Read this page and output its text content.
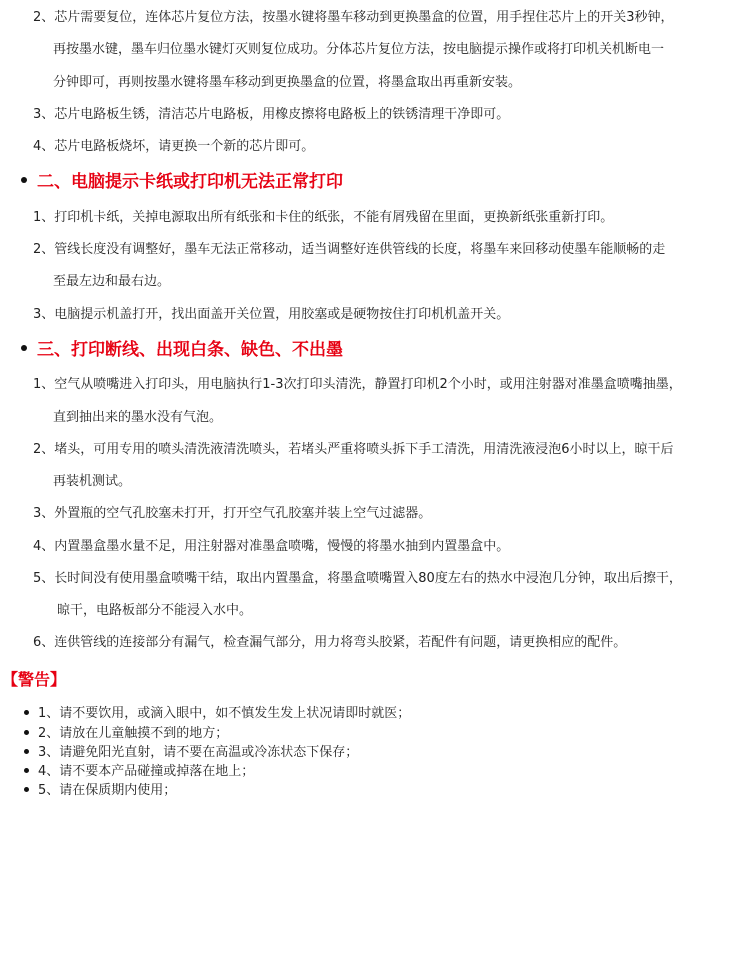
2、芯片需要复位，连体芯片复位方法，按墨水键将墨车移动到更换墨盒的位置，用手捏住芯片上的开关3秒钟，
再按墨水键，墨车归位墨水键灯灭则复位成功。分体芯片复位方法，按电脑提示操作或将打印机关机断电一
分钟即可，再则按墨水键将墨车移动到更换墨盒的位置，将墨盒取出再重新安装。
3、芯片电路板生锈，清洁芯片电路板，用橡皮擦将电路板上的铁锈清理干净即可。
4、芯片电路板烧坏，请更换一个新的芯片即可。
二、电脑提示卡纸或打印机无法正常打印
1、打印机卡纸，关掉电源取出所有纸张和卡住的纸张，不能有屑残留在里面，更换新纸张重新打印。
2、管线长度没有调整好，墨车无法正常移动，适当调整好连供管线的长度，将墨车来回移动使墨车能顺畅的走
至最左边和最右边。
3、电脑提示机盖打开，找出面盖开关位置，用胶塞或是硬物按住打印机机盖开关。
三、打印断线、出现白条、缺色、不出墨
1、空气从喷嘴进入打印头，用电脑执行1-3次打印头清洗，静置打印机2个小时，或用注射器对准墨盒喷嘴抽墨，
直到抽出来的墨水没有气泡。
2、堵头，可用专用的喷头清洗液清洗喷头，若堵头严重将喷头拆下手工清洗，用清洗液浸泡6小时以上，晾干后
再装机测试。
3、外置瓶的空气孔胶塞未打开，打开空气孔胶塞并装上空气过滤器。
4、内置墨盒墨水量不足，用注射器对准墨盒喷嘴，慢慢的将墨水抽到内置墨盒中。
5、长时间没有使用墨盒喷嘴干结，取出内置墨盒，将墨盒喷嘴置入80度左右的热水中浸泡几分钟，取出后擦干，
晾干，电路板部分不能浸入水中。
6、连供管线的连接部分有漏气，检查漏气部分，用力将弯头胶紧，若配件有问题，请更换相应的配件。
【警告】
1、请不要饮用，或滴入眼中，如不慎发生发上状况请即时就医；
2、请放在儿童触摸不到的地方；
3、请避免阳光直射，请不要在高温或冷冻状态下保存；
4、请不要本产品碰撞或掉落在地上；
5、请在保质期内使用；
